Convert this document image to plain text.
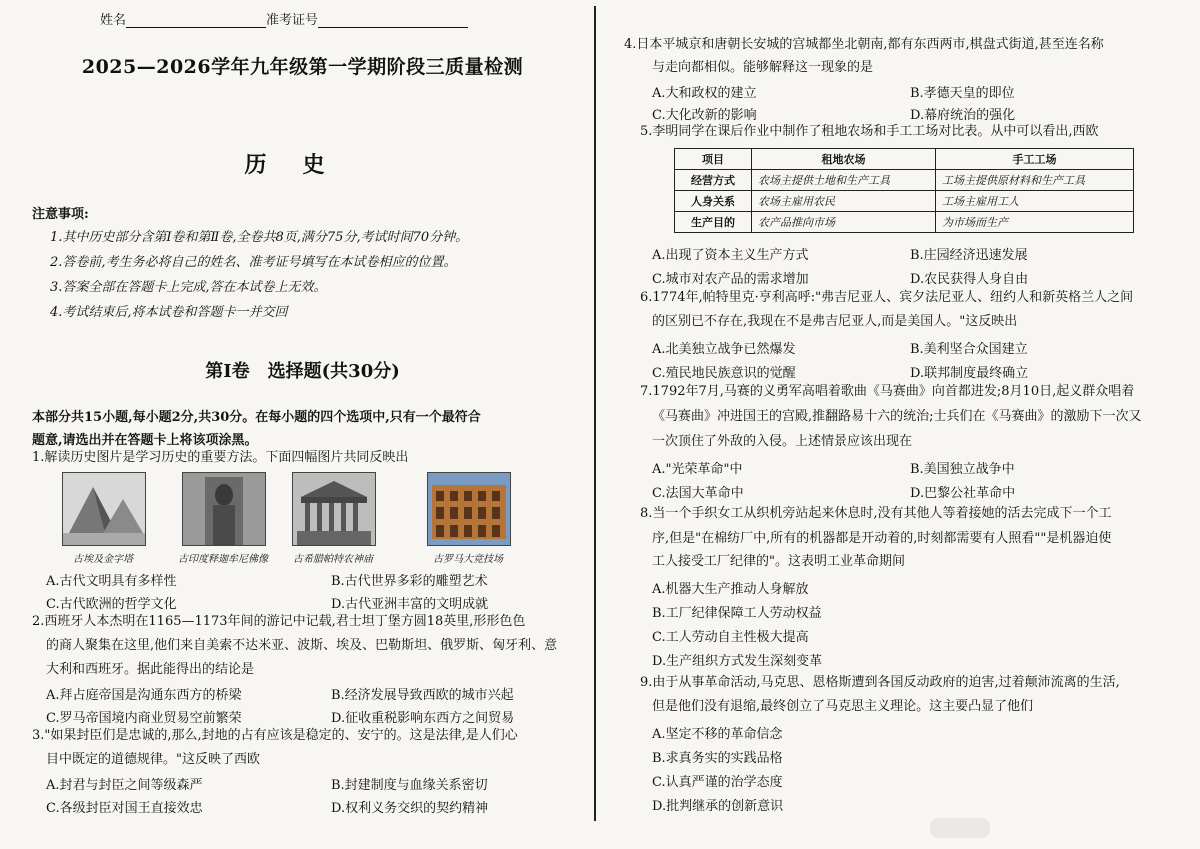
姓名	准考证号
2025—2026学年九年级第一学期阶段三质量检测
历史
注意事项:
1.其中历史部分含第Ⅰ卷和第Ⅱ卷,全卷共8页,满分75分,考试时间70分钟。
2.答卷前,考生务必将自己的姓名、准考证号填写在本试卷相应的位置。
3.答案全部在答题卡上完成,答在本试卷上无效。
4.考试结束后,将本试卷和答题卡一并交回
第Ⅰ卷　选择题(共30分)
本部分共15小题,每小题2分,共30分。在每小题的四个选项中,只有一个最符合
题意,请选出并在答题卡上将该项涂黑。
1.解读历史图片是学习历史的重要方法。下面四幅图片共同反映出
古埃及金字塔	古印度释迦牟尼佛像	古希腊帕特农神庙	古罗马大竞技场
A.古代文明具有多样性	B.古代世界多彩的雕塑艺术
C.古代欧洲的哲学文化	D.古代亚洲丰富的文明成就
2.西班牙人本杰明在1165—1173年间的游记中记载,君士坦丁堡方圆18英里,形形色色
的商人聚集在这里,他们来自美索不达米亚、波斯、埃及、巴勒斯坦、俄罗斯、匈牙利、意
大利和西班牙。据此能得出的结论是
A.拜占庭帝国是沟通东西方的桥梁	B.经济发展导致西欧的城市兴起
C.罗马帝国境内商业贸易空前繁荣	D.征收重税影响东西方之间贸易
3."如果封臣们是忠诚的,那么,封地的占有应该是稳定的、安宁的。这是法律,是人们心
目中既定的道德规律。"这反映了西欧
A.封君与封臣之间等级森严	B.封建制度与血缘关系密切
C.各级封臣对国王直接效忠	D.权利义务交织的契约精神
4.日本平城京和唐朝长安城的宫城都坐北朝南,都有东西两市,棋盘式街道,甚至连名称
与走向都相似。能够解释这一现象的是
A.大和政权的建立	B.孝德天皇的即位
C.大化改新的影响	D.幕府统治的强化
5.李明同学在课后作业中制作了租地农场和手工工场对比表。从中可以看出,西欧
项目	租地农场	手工工场
经营方式	农场主提供土地和生产工具	工场主提供原材料和生产工具
人身关系	农场主雇用农民	工场主雇用工人
生产目的	农产品推向市场	为市场而生产
A.出现了资本主义生产方式	B.庄园经济迅速发展
C.城市对农产品的需求增加	D.农民获得人身自由
6.1774年,帕特里克·亨利高呼:"弗吉尼亚人、宾夕法尼亚人、纽约人和新英格兰人之间
的区别已不存在,我现在不是弗吉尼亚人,而是美国人。"这反映出
A.北美独立战争已然爆发	B.美利坚合众国建立
C.殖民地民族意识的觉醒	D.联邦制度最终确立
7.1792年7月,马赛的义勇军高唱着歌曲《马赛曲》向首都进发;8月10日,起义群众唱着
《马赛曲》冲进国王的宫殿,推翻路易十六的统治;士兵们在《马赛曲》的激励下一次又
一次顶住了外敌的入侵。上述情景应该出现在
A."光荣革命"中	B.美国独立战争中
C.法国大革命中	D.巴黎公社革命中
8.当一个手织女工从织机旁站起来休息时,没有其他人等着接她的活去完成下一个工
序,但是"在棉纺厂中,所有的机器都是开动着的,时刻都需要有人照看""是机器迫使
工人接受工厂纪律的"。这表明工业革命期间
A.机器大生产推动人身解放
B.工厂纪律保障工人劳动权益
C.工人劳动自主性极大提高
D.生产组织方式发生深刻变革
9.由于从事革命活动,马克思、恩格斯遭到各国反动政府的迫害,过着颠沛流离的生活,
但是他们没有退缩,最终创立了马克思主义理论。这主要凸显了他们
A.坚定不移的革命信念
B.求真务实的实践品格
C.认真严谨的治学态度
D.批判继承的创新意识
